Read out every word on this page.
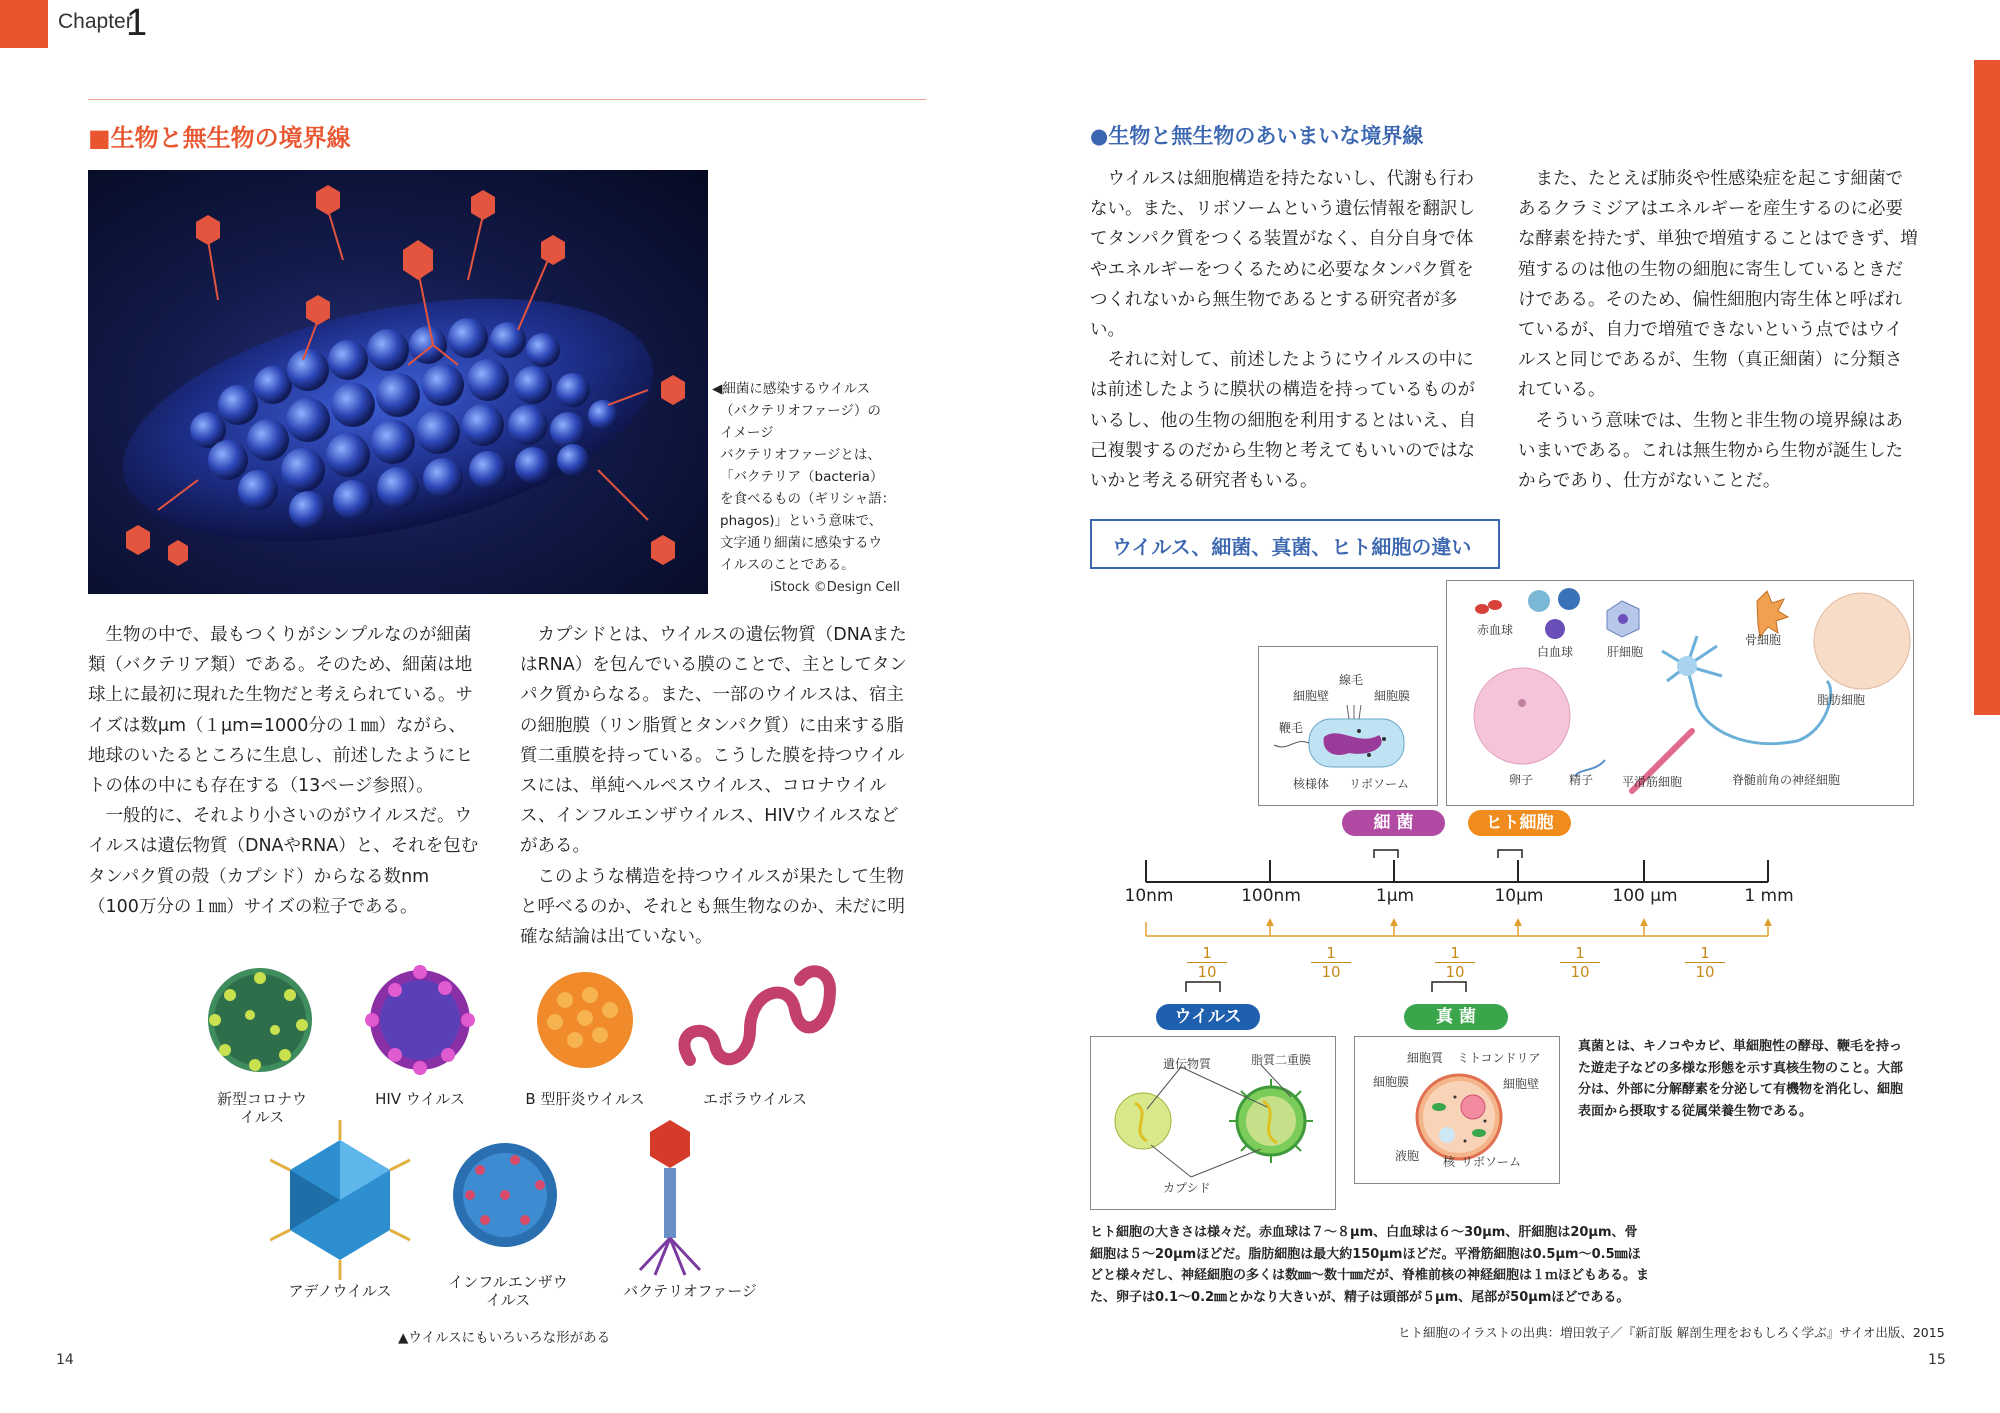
Chapter
1
■生物と無生物の境界線
◀細菌に感染するウイルス
（バクテリオファージ）の
イメージ
バクテリオファージとは、
「バクテリア（bacteria）
を食べるもの（ギリシャ語：
phagos)」という意味で、
文字通り細菌に感染するウ
イルスのことである。
iStock ©Design Cell

生物の中で、最もつくりがシンプルなのが細菌類（バクテリア類）である。そのため、細菌は地球上に最初に現れた生物だと考えられている。サイズは数μm（１μm=1000分の１㎜）ながら、地球のいたるところに生息し、前述したようにヒトの体の中にも存在する（13ページ参照）。

一般的に、それより小さいのがウイルスだ。ウイルスは遺伝物質（DNAやRNA）と、それを包むタンパク質の殻（カプシド）からなる数nm（100万分の１㎜）サイズの粒子である。

カプシドとは、ウイルスの遺伝物質（DNAまたはRNA）を包んでいる膜のことで、主としてタンパク質からなる。また、一部のウイルスは、宿主の細胞膜（リン脂質とタンパク質）に由来する脂質二重膜を持っている。こうした膜を持つウイルスには、単純ヘルペスウイルス、コロナウイルス、インフルエンザウイルス、HIVウイルスなどがある。

このような構造を持つウイルスが果たして生物と呼べるのか、それとも無生物なのか、未だに明確な結論は出ていない。

新型コロナウイルス
HIV ウイルス	B 型肝炎ウイルス	エボラウイルス
アデノウイルス	インフルエンザウイルス	バクテリオファージ
▲ウイルスにもいろいろな形がある
14
●生物と無生物のあいまいな境界線

ウイルスは細胞構造を持たないし、代謝も行わない。また、リボソームという遺伝情報を翻訳してタンパク質をつくる装置がなく、自分自身で体やエネルギーをつくるために必要なタンパク質をつくれないから無生物であるとする研究者が多い。

それに対して、前述したようにウイルスの中には前述したように膜状の構造を持っているものがいるし、他の生物の細胞を利用するとはいえ、自己複製するのだから生物と考えてもいいのではないかと考える研究者もいる。

また、たとえば肺炎や性感染症を起こす細菌であるクラミジアはエネルギーを産生するのに必要な酵素を持たず、単独で増殖することはできず、増殖するのは他の生物の細胞に寄生しているときだけである。そのため、偏性細胞内寄生体と呼ばれているが、自力で増殖できないという点ではウイルスと同じであるが、生物（真正細菌）に分類されている。

そういう意味では、生物と非生物の境界線はあいまいである。これは無生物から生物が誕生したからであり、仕方がないことだ。

ウイルス、細菌、真菌、ヒト細胞の違い
線毛
細胞壁	細胞膜
鞭毛
核様体 リボソーム
赤血球
白血球	肝細胞
骨細胞
脂肪細胞
卵子	精子 平滑筋細胞	脊髄前角の神経細胞
細 菌	ヒト細胞
ウイルス	真 菌
10nm	100nm	1μm	10μm	100 μm	1 mm
$\frac{1}{10}$	$\frac{1}{10}$	$\frac{1}{10}$	$\frac{1}{10}$	$\frac{1}{10}$
遺伝物質	脂質二重膜
カプシド
細胞質 ミトコンドリア
細胞膜	細胞壁
液胞 核 リボソーム
真菌とは、キノコやカビ、単細胞性の酵母、鞭毛を持った遊走子などの多様な形態を示す真核生物のこと。大部分は、外部に分解酵素を分泌して有機物を消化し、細胞表面から摂取する従属栄養生物である。
ヒト細胞の大きさは様々だ。赤血球は７～８μm、白血球は６～30μm、肝細胞は20μm、骨細胞は５～20μmほどだ。脂肪細胞は最大約150μmほどだ。平滑筋細胞は0.5μm～0.5㎜ほどと様々だし、神経細胞の多くは数㎜～数十㎜だが、脊椎前核の神経細胞は１ｍほどもある。また、卵子は0.1～0.2㎜とかなり大きいが、精子は頭部が５μm、尾部が50μmほどである。
ヒト細胞のイラストの出典：増田敦子／『新訂版 解剖生理をおもしろく学ぶ』サイオ出版、2015
15
